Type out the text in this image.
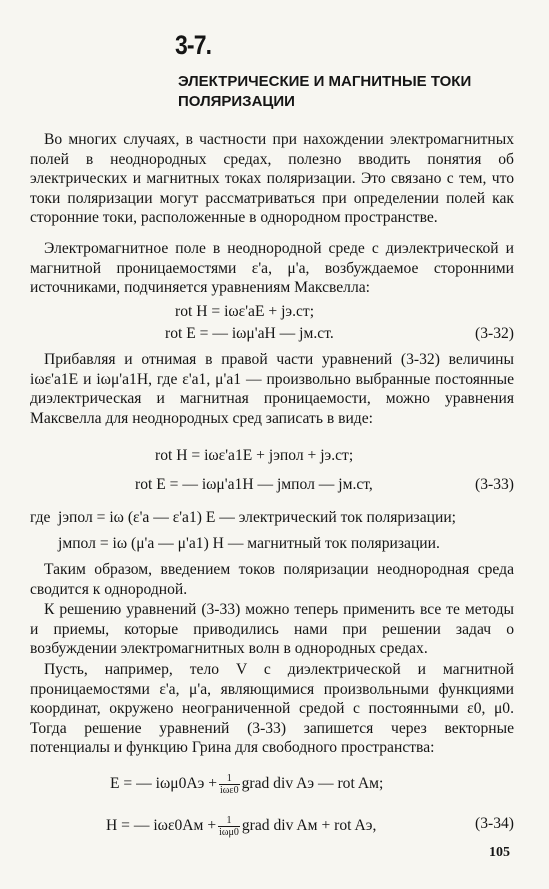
3-7.
ЭЛЕКТРИЧЕСКИЕ И МАГНИТНЫЕ ТОКИ ПОЛЯРИЗАЦИИ
Во многих случаях, в частности при нахождении электромагнитных полей в неоднородных средах, полезно вводить понятия об электрических и магнитных токах поляризации. Это связано с тем, что токи поляризации могут рассматриваться при определении полей как сторонние токи, расположенные в однородном пространстве.
Электромагнитное поле в неоднородной среде с диэлектрической и магнитной проницаемостями ε'а, μ'а, возбуждаемое сторонними источниками, подчиняется уравнениям Максвелла:
rot H = iωε'аE + jэ.ст;
rot E = — iωμ'аH — jм.ст.	(3-32)
Прибавляя и отнимая в правой части уравнений (3-32) величины iωε'а1E и iωμ'а1H, где ε'а1, μ'а1 — произвольно выбранные постоянные диэлектрическая и магнитная проницаемости, можно уравнения Максвелла для неоднородных сред записать в виде:
rot H = iωε'а1E + jэпол + jэ.ст;
rot E = — iωμ'а1H — jмпол — jм.ст,	(3-33)
где jэпол = iω (ε'а — ε'а1) E — электрический ток поляризации;
jмпол = iω (μ'а — μ'а1) H — магнитный ток поляризации.
Таким образом, введением токов поляризации неоднородная среда сводится к однородной.
К решению уравнений (3-33) можно теперь применить все те методы и приемы, которые приводились нами при решении задач о возбуждении электромагнитных волн в однородных средах.
Пусть, например, тело V с диэлектрической и магнитной проницаемостями ε'а, μ'а, являющимися произвольными функциями координат, окружено неограниченной средой с постоянными ε0, μ0. Тогда решение уравнений (3-33) запишется через векторные потенциалы и функцию Грина для свободного пространства:
E = — $i\omega\mu 0Aэ + \frac{1}{\text{iωε0}}$ grad div Aэ — rot Aм;
H = — $i\omega\varepsilon 0Aм + \frac{1}{\text{iωμ0}}$ grad div Aм + rot Aэ,	(3-34)
105
